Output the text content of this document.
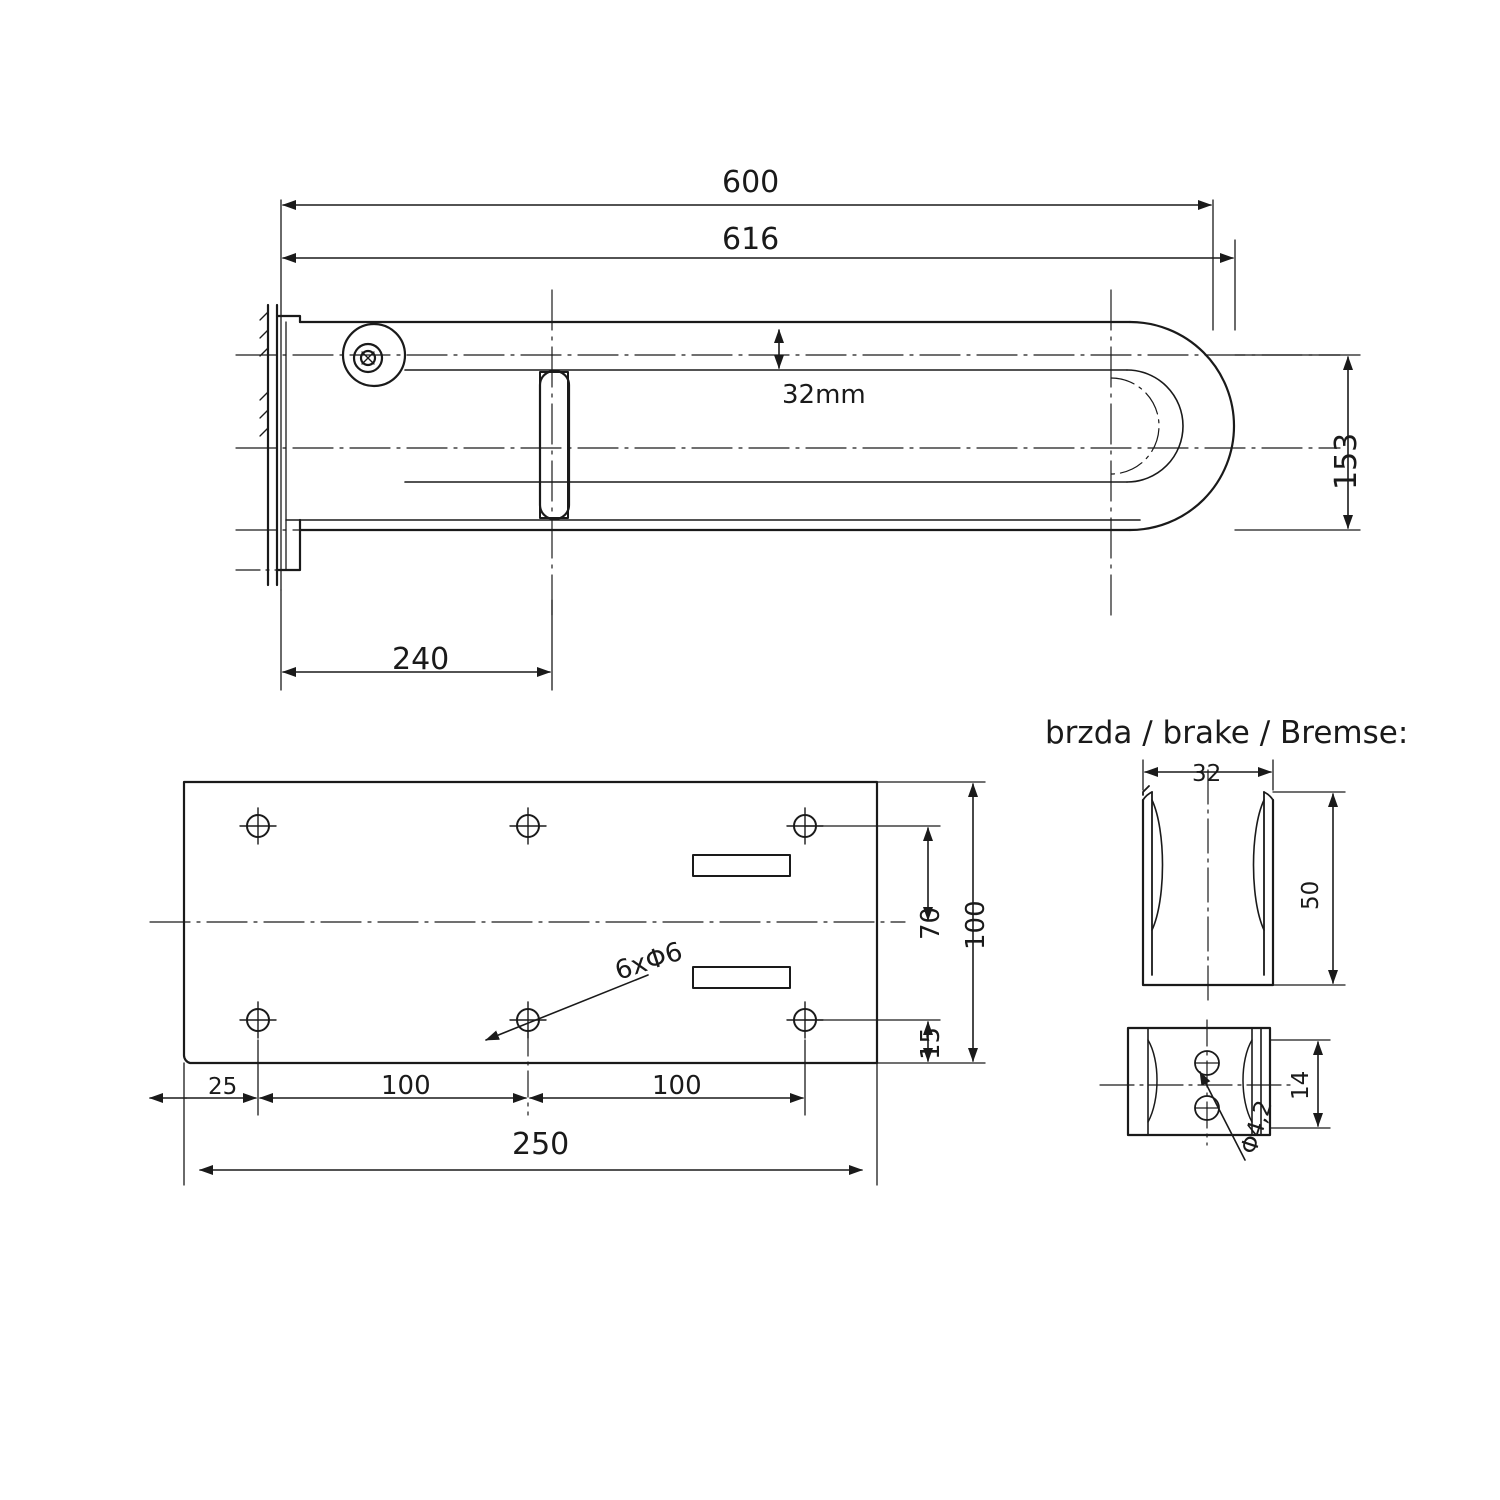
600
616
32mm
153
240
brzda / brake / Bremse:
25	100	100
250
100
70
15
6xΦ6
32
50
14
Φ4,2
